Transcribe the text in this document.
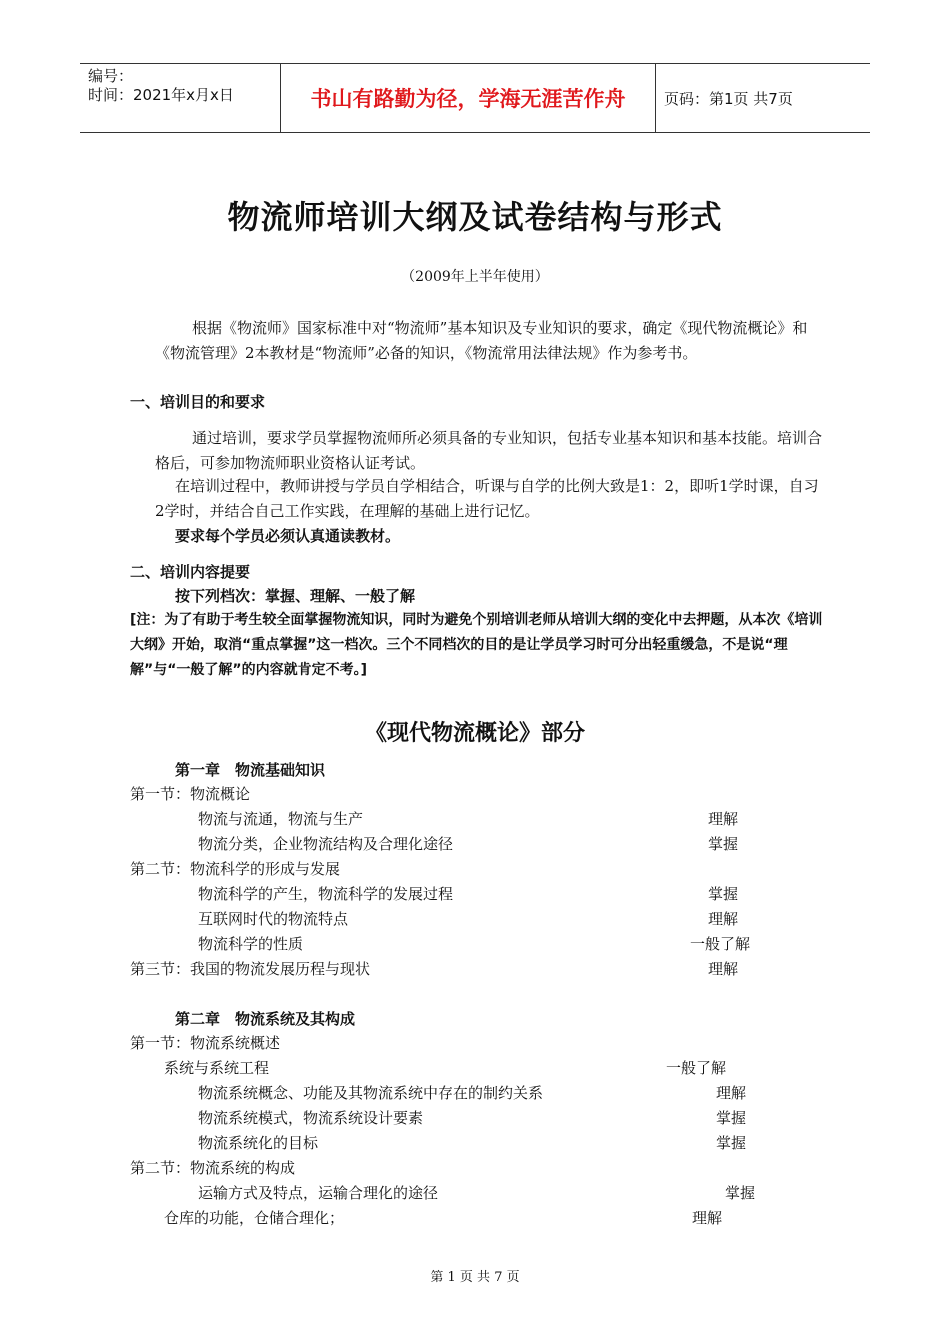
编号：
时间：2021年x月x日	书山有路勤为径，学海无涯苦作舟	页码：第1页 共7页
物流师培训大纲及试卷结构与形式
（2009年上半年使用）

根据《物流师》国家标准中对“物流师”基本知识及专业知识的要求，确定《现代物流概论》和《物流管理》2本教材是“物流师”必备的知识，《物流常用法律法规》作为参考书。

一、培训目的和要求

通过培训，要求学员掌握物流师所必须具备的专业知识，包括专业基本知识和基本技能。培训合格后，可参加物流师职业资格认证考试。

在培训过程中，教师讲授与学员自学相结合，听课与自学的比例大致是1：2，即听1学时课，自习2学时，并结合自己工作实践，在理解的基础上进行记忆。

要求每个学员必须认真通读教材。
二、培训内容提要
按下列档次：掌握、理解、一般了解

[注：为了有助于考生较全面掌握物流知识，同时为避免个别培训老师从培训大纲的变化中去押题，从本次《培训大纲》开始，取消“重点掌握”这一档次。三个不同档次的目的是让学员学习时可分出轻重缓急，不是说“理解”与“一般了解”的内容就肯定不考。]

《现代物流概论》部分
第一章　物流基础知识
第一节：物流概论
物流与流通，物流与生产	理解
物流分类，企业物流结构及合理化途径	掌握
第二节：物流科学的形成与发展
物流科学的产生，物流科学的发展过程	掌握
互联网时代的物流特点	理解
物流科学的性质	一般了解
第三节：我国的物流发展历程与现状	理解
第二章　物流系统及其构成
第一节：物流系统概述
系统与系统工程	一般了解
物流系统概念、功能及其物流系统中存在的制约关系	理解
物流系统模式，物流系统设计要素	掌握
物流系统化的目标	掌握
第二节：物流系统的构成
运输方式及特点，运输合理化的途径	掌握
仓库的功能，仓储合理化；	理解
第 1 页 共 7 页
